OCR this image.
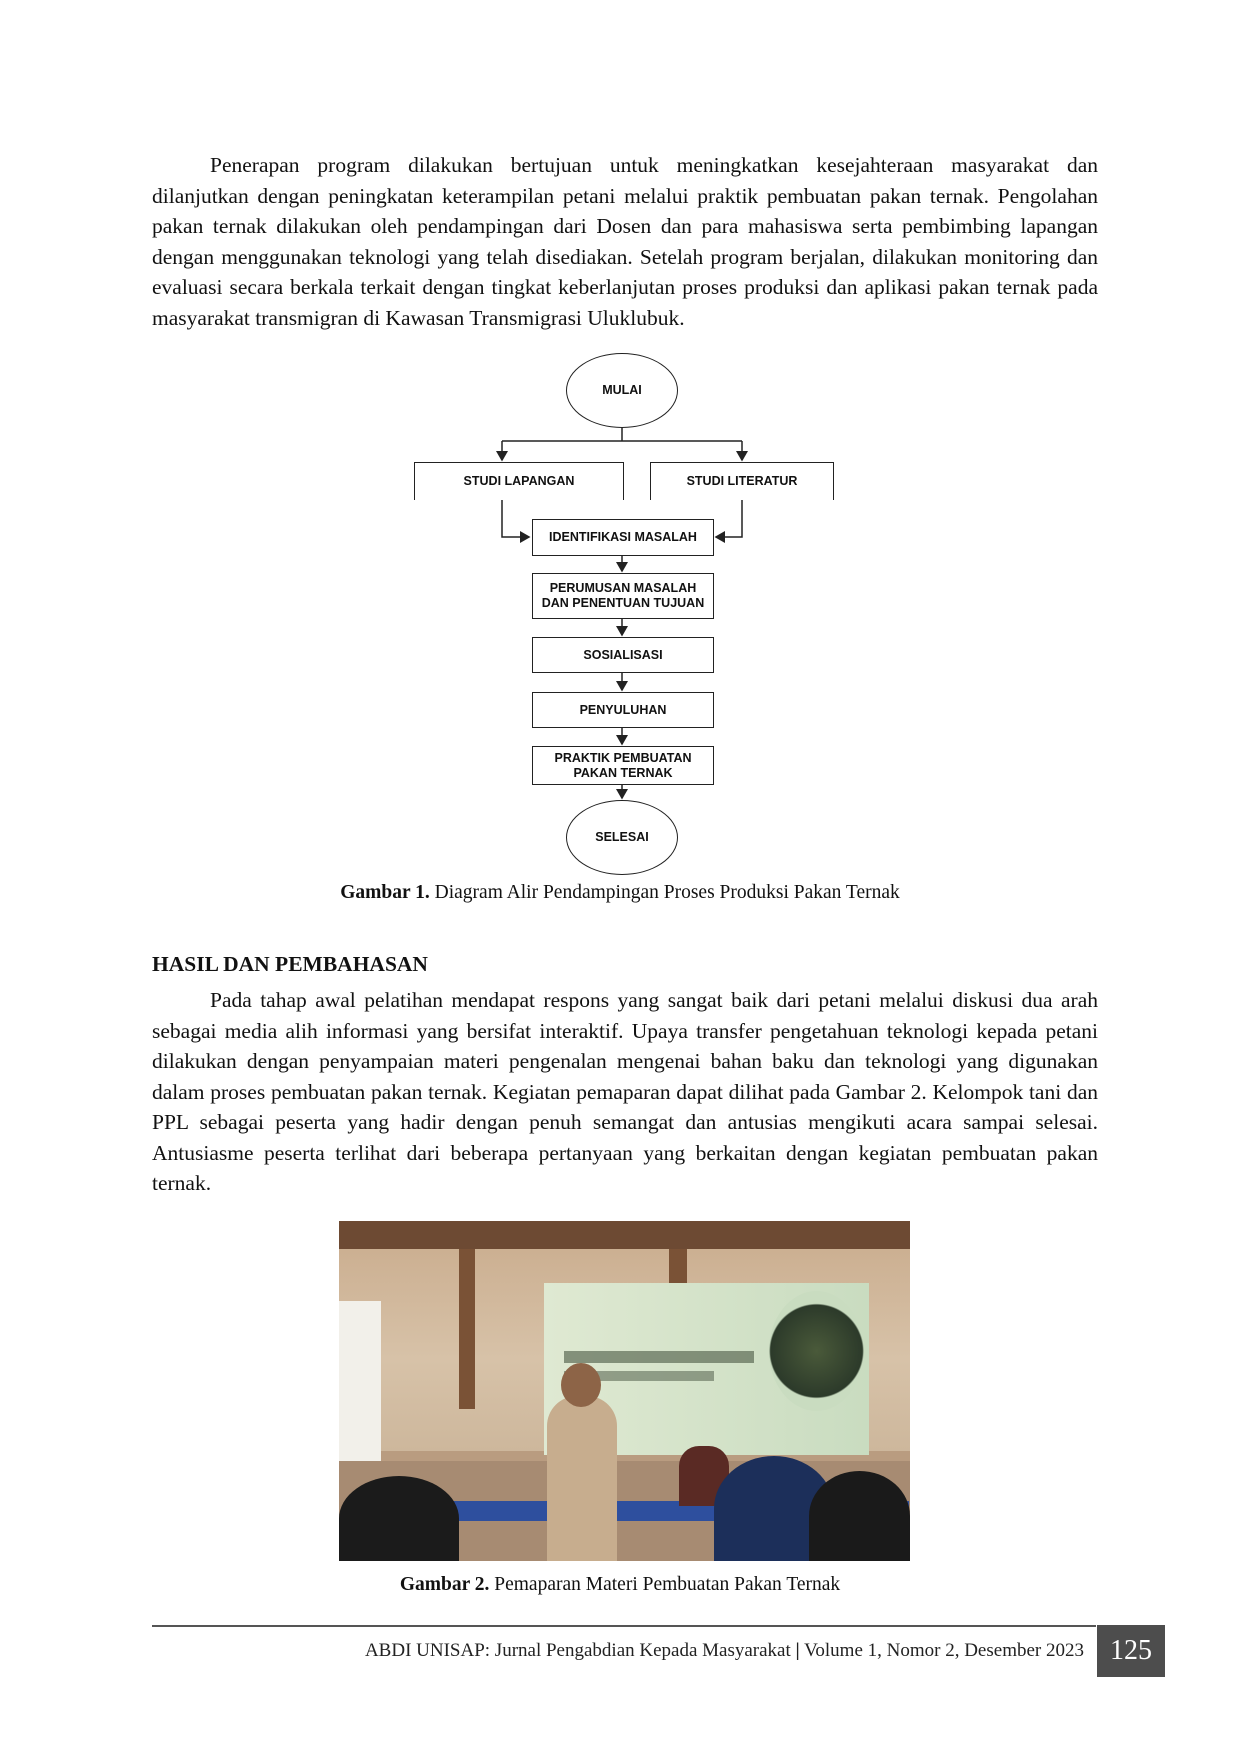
Penerapan program dilakukan bertujuan untuk meningkatkan kesejahteraan masyarakat dan dilanjutkan dengan peningkatan keterampilan petani melalui praktik pembuatan pakan ternak. Pengolahan pakan ternak dilakukan oleh pendampingan dari Dosen dan para mahasiswa serta pembimbing lapangan dengan menggunakan teknologi yang telah disediakan. Setelah program berjalan, dilakukan monitoring dan evaluasi secara berkala terkait dengan tingkat keberlanjutan proses produksi dan aplikasi pakan ternak pada masyarakat transmigran di Kawasan Transmigrasi Uluklubuk.

MULAI
STUDI LAPANGAN	STUDI LITERATUR
IDENTIFIKASI MASALAH
PERUMUSAN MASALAH
DAN PENENTUAN TUJUAN
SOSIALISASI
PENYULUHAN
PRAKTIK PEMBUATAN
PAKAN TERNAK
SELESAI
Gambar 1. Diagram Alir Pendampingan Proses Produksi Pakan Ternak
HASIL DAN PEMBAHASAN

Pada tahap awal pelatihan mendapat respons yang sangat baik dari petani melalui diskusi dua arah sebagai media alih informasi yang bersifat interaktif. Upaya transfer pengetahuan teknologi kepada petani dilakukan dengan penyampaian materi pengenalan mengenai bahan baku dan teknologi yang digunakan dalam proses pembuatan pakan ternak. Kegiatan pemaparan dapat dilihat pada Gambar 2. Kelompok tani dan PPL sebagai peserta yang hadir dengan penuh semangat dan antusias mengikuti acara sampai selesai. Antusiasme peserta terlihat dari beberapa pertanyaan yang berkaitan dengan kegiatan pembuatan pakan ternak.

Gambar 2. Pemaparan Materi Pembuatan Pakan Ternak
ABDI UNISAP: Jurnal Pengabdian Kepada Masyarakat | Volume 1, Nomor 2, Desember 2023 125
